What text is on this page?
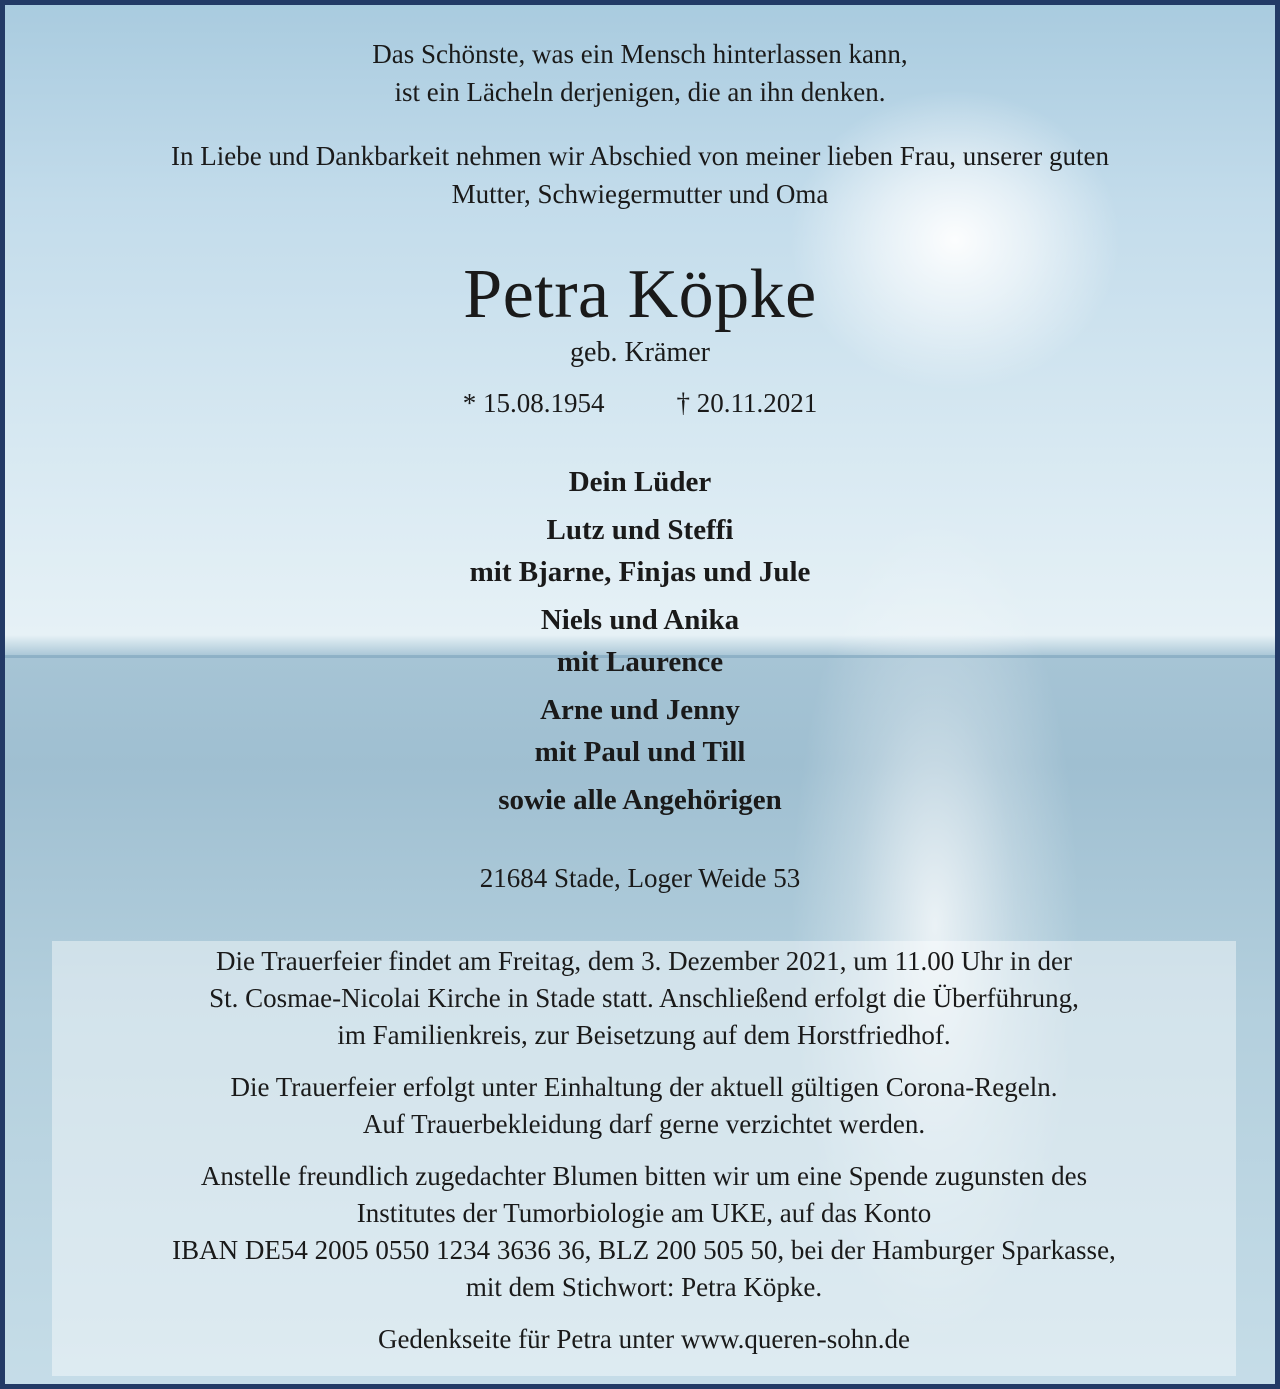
Das Schönste, was ein Mensch hinterlassen kann,
ist ein Lächeln derjenigen, die an ihn denken.
In Liebe und Dankbarkeit nehmen wir Abschied von meiner lieben Frau, unserer guten
Mutter, Schwiegermutter und Oma
Petra Köpke
geb. Krämer
* 15.08.1954	† 20.11.2021
Dein Lüder
Lutz und Steffi
mit Bjarne, Finjas und Jule
Niels und Anika
mit Laurence
Arne und Jenny
mit Paul und Till
sowie alle Angehörigen
21684 Stade, Loger Weide 53

Die Trauerfeier findet am Freitag, dem 3. Dezember 2021, um 11.00 Uhr in der
St. Cosmae-Nicolai Kirche in Stade statt. Anschließend erfolgt die Überführung,
im Familienkreis, zur Beisetzung auf dem Horstfriedhof.

Die Trauerfeier erfolgt unter Einhaltung der aktuell gültigen Corona-Regeln.
Auf Trauerbekleidung darf gerne verzichtet werden.

Anstelle freundlich zugedachter Blumen bitten wir um eine Spende zugunsten des
Institutes der Tumorbiologie am UKE, auf das Konto
IBAN DE54 2005 0550 1234 3636 36, BLZ 200 505 50, bei der Hamburger Sparkasse,
mit dem Stichwort: Petra Köpke.

Gedenkseite für Petra unter www.queren-sohn.de
